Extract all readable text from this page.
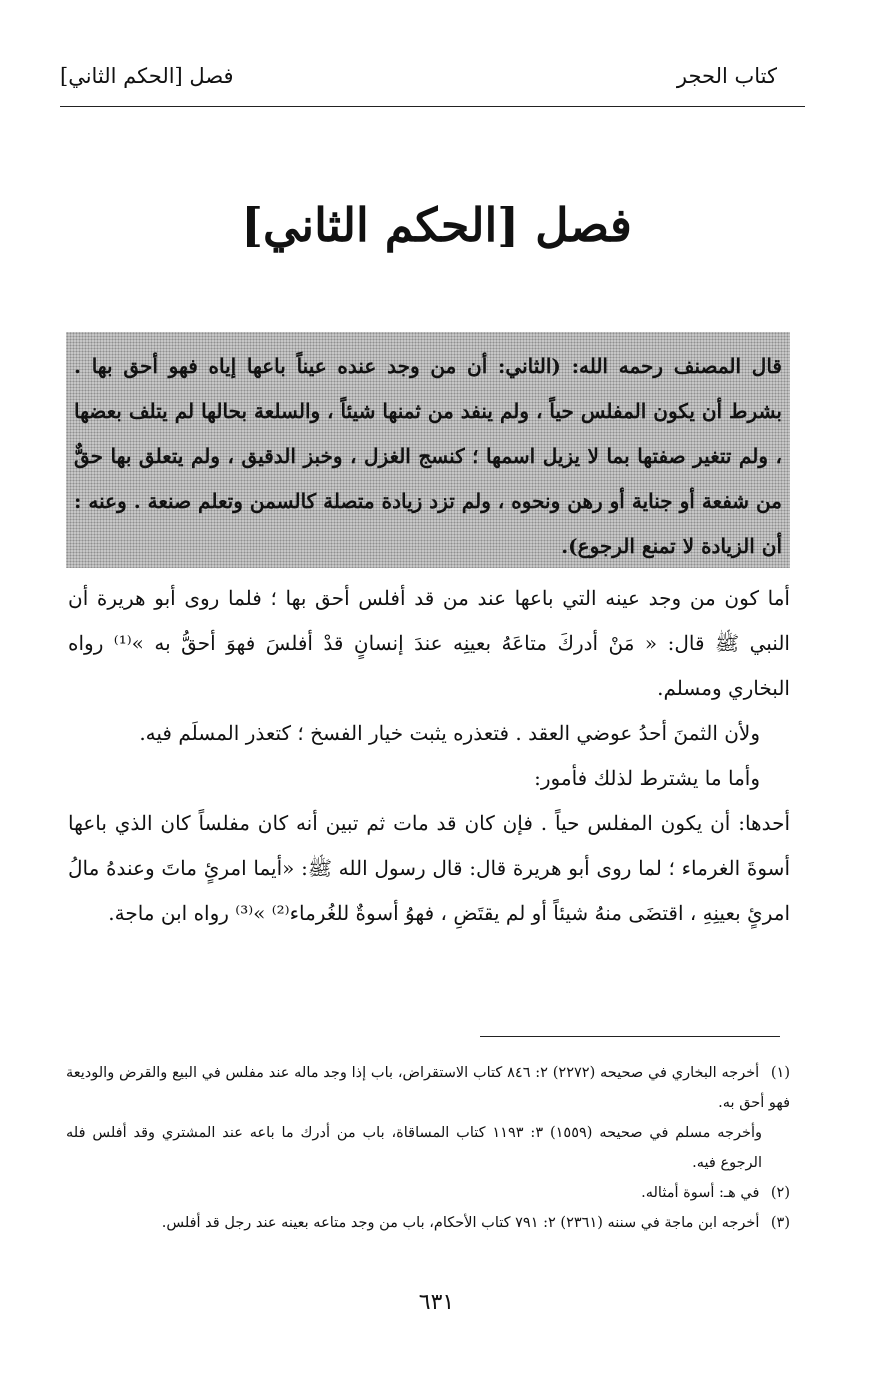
كتاب الحجر
فصل [الحكم الثاني]
فصل [الحكم الثاني]
قال المصنف رحمه الله: (الثاني: أن من وجد عنده عيناً باعها إياه فهو أحق بها . بشرط أن يكون المفلس حياً ، ولم ينفد من ثمنها شيئاً ، والسلعة بحالها لم يتلف بعضها ، ولم تتغير صفتها بما لا يزيل اسمها ؛ كنسج الغزل ، وخبز الدقيق ، ولم يتعلق بها حقٌّ من شفعة أو جناية أو رهن ونحوه ، ولم تزد زيادة متصلة كالسمن وتعلم صنعة . وعنه : أن الزيادة لا تمنع الرجوع).

أما كون من وجد عينه التي باعها عند من قد أفلس أحق بها ؛ فلما روى أبو هريرة أن النبي ﷺ قال: « مَنْ أدركَ متاعَهُ بعينِه عندَ إنسانٍ قدْ أفلسَ فهوَ أحقُّ به »⁽¹⁾ رواه البخاري ومسلم.

ولأن الثمنَ أحدُ عوضي العقد . فتعذره يثبت خيار الفسخ ؛ كتعذر المسلَم فيه.

وأما ما يشترط لذلك فأمور:

أحدها: أن يكون المفلس حياً . فإن كان قد مات ثم تبين أنه كان مفلساً كان الذي باعها أسوةَ الغرماء ؛ لما روى أبو هريرة قال: قال رسول الله ﷺ: «أيما امرئٍ ماتَ وعندهُ مالُ امرئٍ بعينِهِ ، اقتضَى منهُ شيئاً أو لم يقتَضِ ، فهوُ أسوةٌ للغُرماء⁽²⁾ »⁽³⁾ رواه ابن ماجة.

(١) أخرجه البخاري في صحيحه (٢٢٧٢) ٢: ٨٤٦ كتاب الاستقراض، باب إذا وجد ماله عند مفلس في البيع والقرض والوديعة فهو أحق به.

وأخرجه مسلم في صحيحه (١٥٥٩) ٣: ١١٩٣ كتاب المساقاة، باب من أدرك ما باعه عند المشتري وقد أفلس فله الرجوع فيه.

(٢) في هـ: أسوة أمثاله.

(٣) أخرجه ابن ماجة في سننه (٢٣٦١) ٢: ٧٩١ كتاب الأحكام، باب من وجد متاعه بعينه عند رجل قد أفلس.

٦٣١
